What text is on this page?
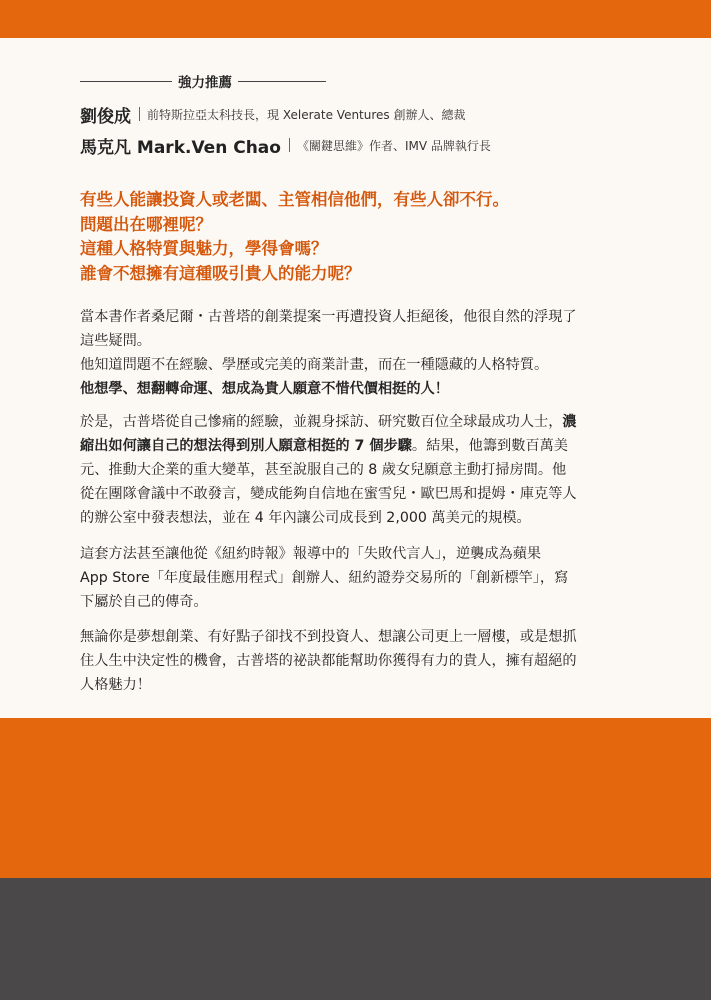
強力推薦
劉俊成 前特斯拉亞太科技長，現 Xelerate Ventures 創辦人、總裁
馬克凡 Mark.Ven Chao 《關鍵思維》作者、IMV 品牌執行長
有些人能讓投資人或老闆、主管相信他們，有些人卻不行。
問題出在哪裡呢？
這種人格特質與魅力，學得會嗎？
誰會不想擁有這種吸引貴人的能力呢？
當本書作者桑尼爾・古普塔的創業提案一再遭投資人拒絕後，他很自然的浮現了
這些疑問。
他知道問題不在經驗、學歷或完美的商業計畫，而在一種隱藏的人格特質。
他想學、想翻轉命運、想成為貴人願意不惜代價相挺的人！
於是，古普塔從自己慘痛的經驗，並親身採訪、研究數百位全球最成功人士，濃
縮出如何讓自己的想法得到別人願意相挺的 7 個步驟。結果，他籌到數百萬美
元、推動大企業的重大變革，甚至說服自己的 8 歲女兒願意主動打掃房間。他
從在團隊會議中不敢發言，變成能夠自信地在蜜雪兒・歐巴馬和提姆・庫克等人
的辦公室中發表想法，並在 4 年內讓公司成長到 2,000 萬美元的規模。
這套方法甚至讓他從《紐約時報》報導中的「失敗代言人」，逆襲成為蘋果
App Store「年度最佳應用程式」創辦人、紐約證券交易所的「創新標竿」，寫
下屬於自己的傳奇。
無論你是夢想創業、有好點子卻找不到投資人、想讓公司更上一層樓，或是想抓
住人生中決定性的機會，古普塔的祕訣都能幫助你獲得有力的貴人，擁有超絕的
人格魅力！
